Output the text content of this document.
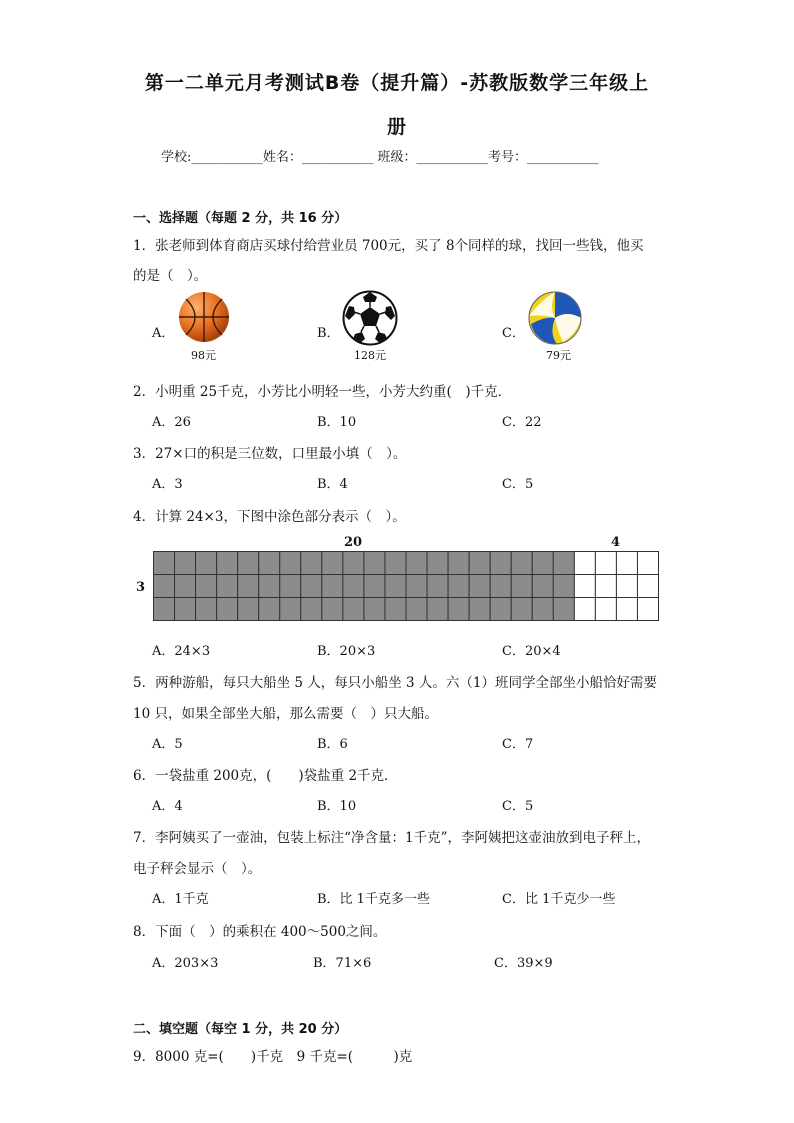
第一二单元月考测试B卷（提升篇）-苏教版数学三年级上
册
学校:___________姓名：___________ 班级：___________考号：___________
一、选择题（每题 2 分，共 16 分）
1．张老师到体育商店买球付给营业员 700元，买了 8个同样的球，找回一些钱，他买
的是（　）。
A．
98元
B．
128元
C．
79元
2．小明重 25千克，小芳比小明轻一些，小芳大约重(　)千克．
A．26	B．10	C．22
3．27×口的积是三位数，口里最小填（　）。
A．3	B．4	C．5
4．计算 24×3，下图中涂色部分表示（　）。
20	4
3
A．24×3	B．20×3	C．20×4
5．两种游船，每只大船坐 5 人，每只小船坐 3 人。六（1）班同学全部坐小船恰好需要
10 只，如果全部坐大船，那么需要（　）只大船。
A．5	B．6	C．7
6．一袋盐重 200克，(　　)袋盐重 2千克．
A．4	B．10	C．5
7．李阿姨买了一壶油，包装上标注“净含量：1千克”，李阿姨把这壶油放到电子秤上，
电子秤会显示（　）。
A．1千克	B．比 1千克多一些	C．比 1千克少一些
8．下面（　）的乘积在 400～500之间。
A．203×3	B．71×6	C．39×9
二、填空题（每空 1 分，共 20 分）
9．8000 克=(　　)千克　9 千克=(　　　)克
